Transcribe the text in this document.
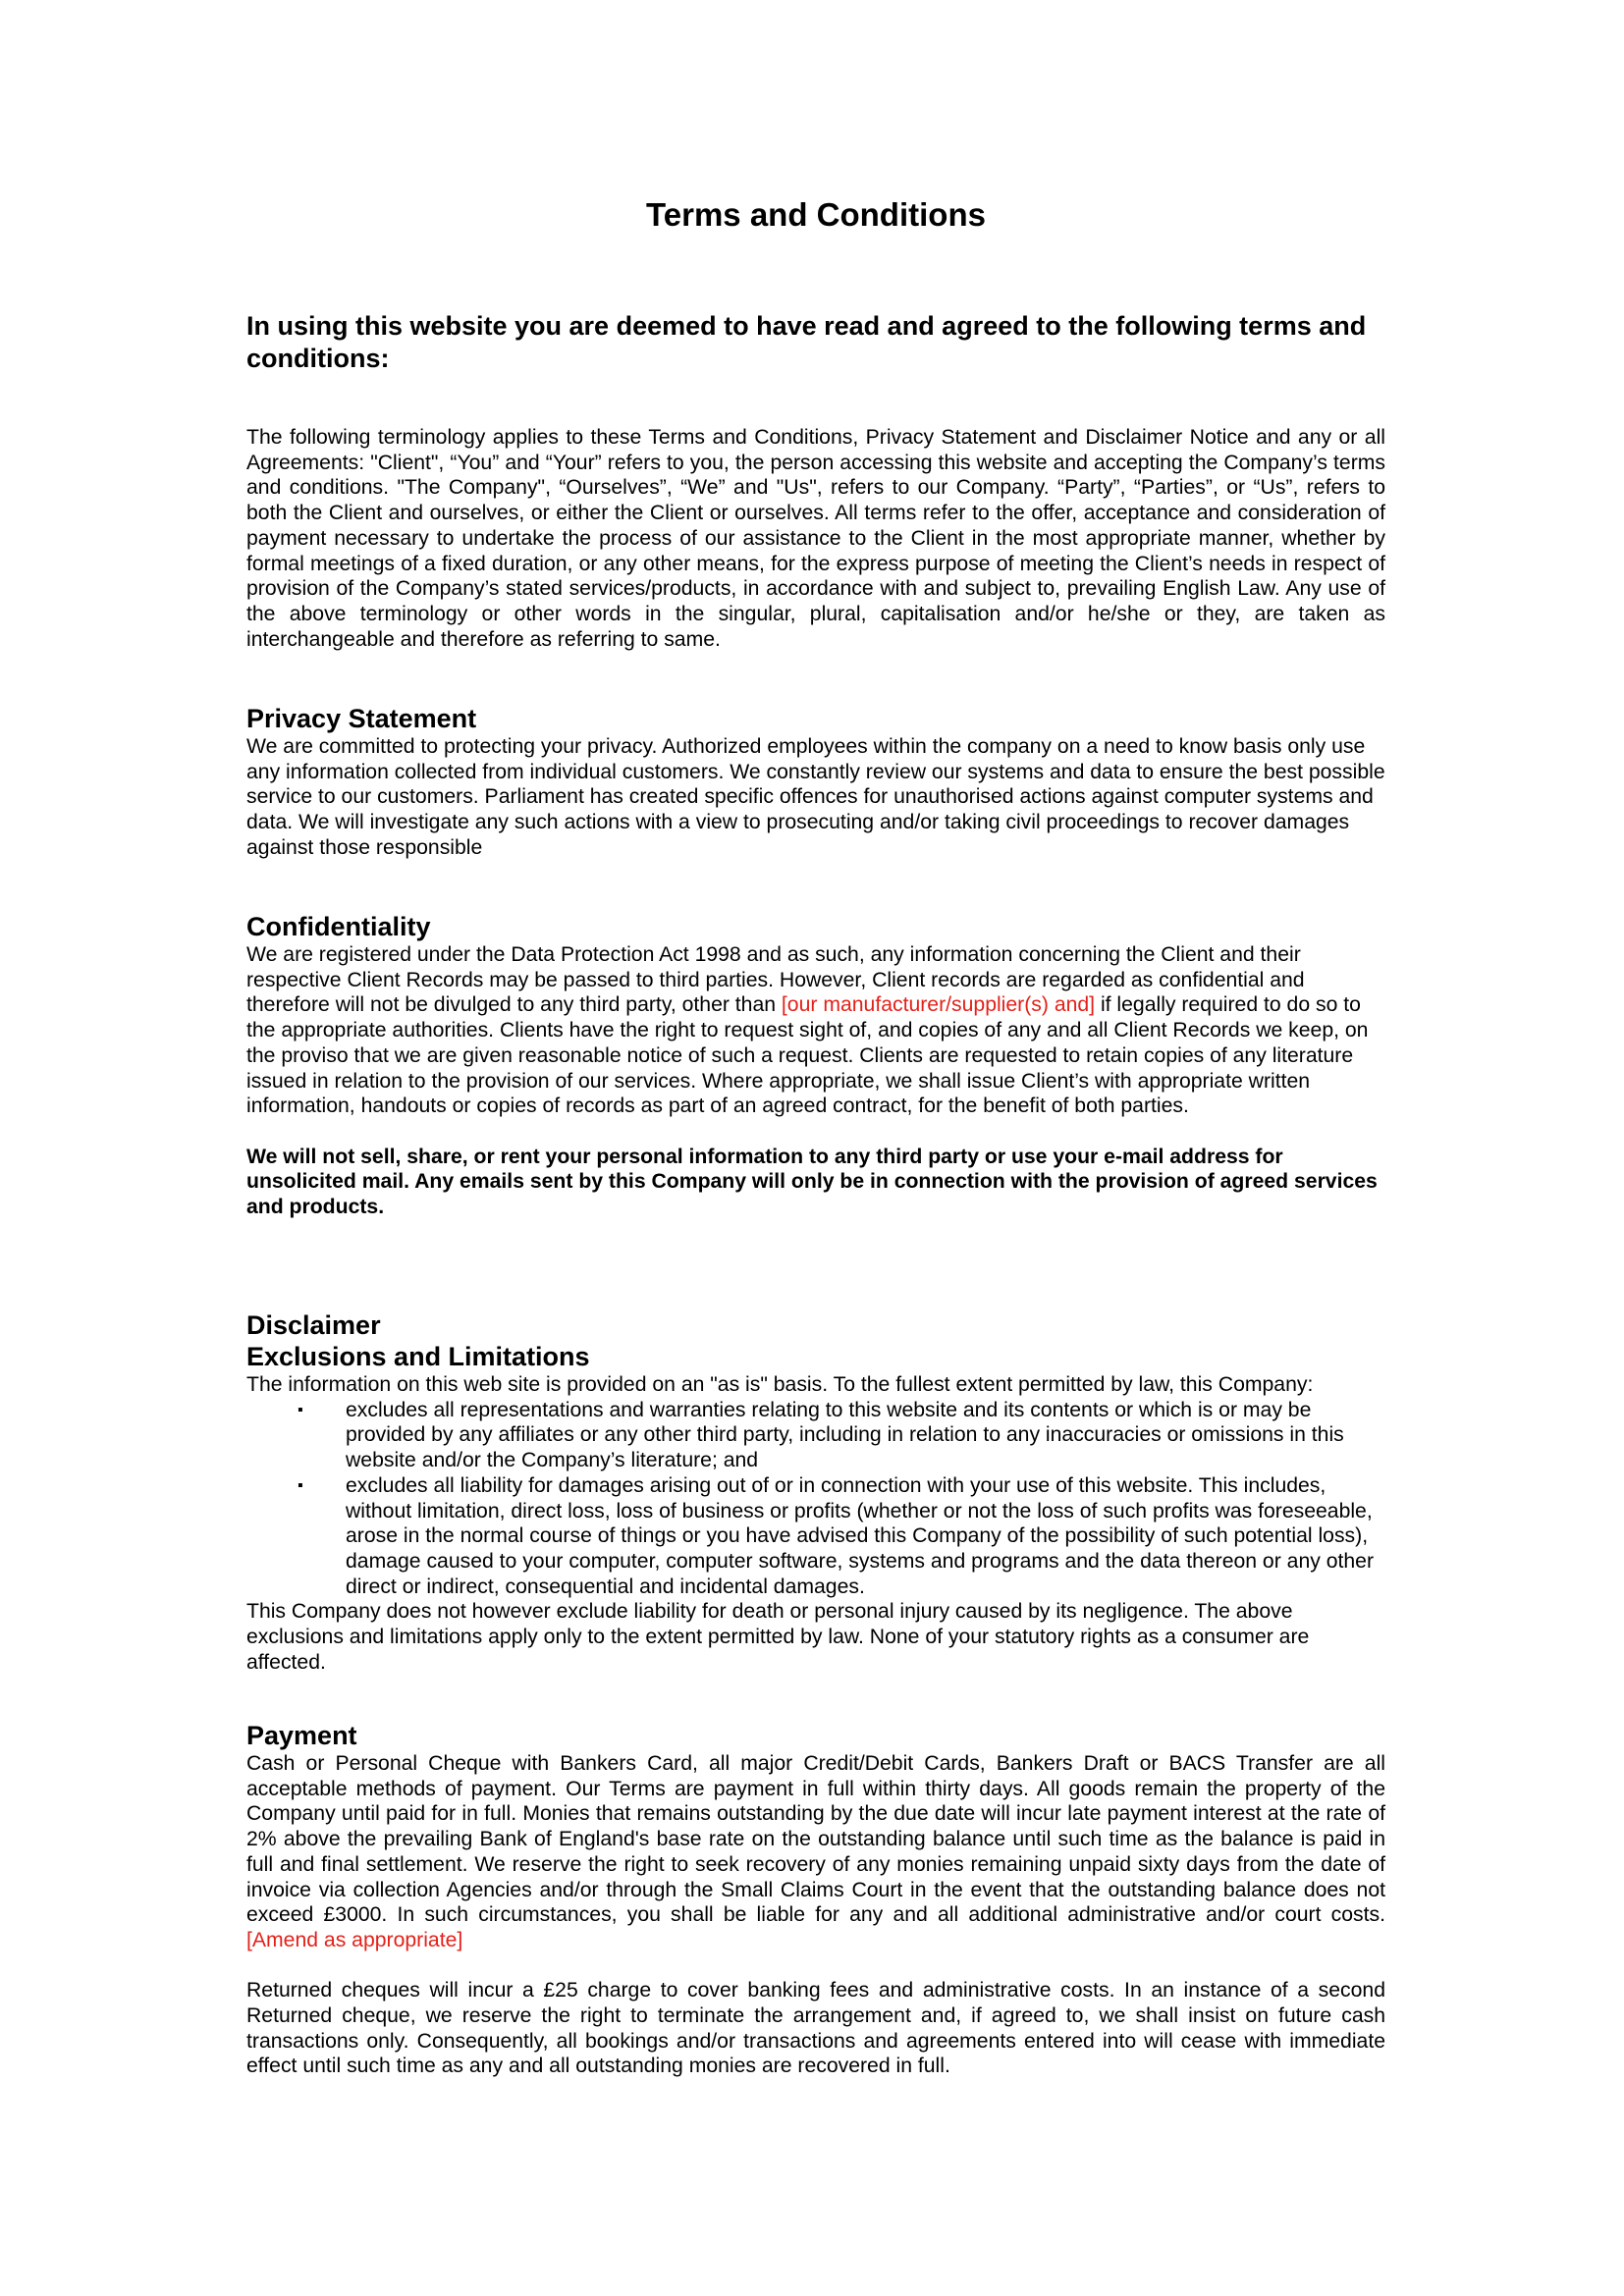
Terms and Conditions
In using this website you are deemed to have read and agreed to the following terms and conditions:

The following terminology applies to these Terms and Conditions, Privacy Statement and Disclaimer Notice and any or all Agreements: "Client", “You” and “Your” refers to you, the person accessing this website and accepting the Company’s terms and conditions. "The Company", “Ourselves”, “We” and "Us", refers to our Company. “Party”, “Parties”, or “Us”, refers to both the Client and ourselves, or either the Client or ourselves. All terms refer to the offer, acceptance and consideration of payment necessary to undertake the process of our assistance to the Client in the most appropriate manner, whether by formal meetings of a fixed duration, or any other means, for the express purpose of meeting the Client’s needs in respect of provision of the Company’s stated services/products, in accordance with and subject to, prevailing English Law. Any use of the above terminology or other words in the singular, plural, capitalisation and/or he/she or they, are taken as interchangeable and therefore as referring to same.

Privacy Statement

We are committed to protecting your privacy. Authorized employees within the company on a need to know basis only use any information collected from individual customers. We constantly review our systems and data to ensure the best possible service to our customers. Parliament has created specific offences for unauthorised actions against computer systems and data. We will investigate any such actions with a view to prosecuting and/or taking civil proceedings to recover damages against those responsible

Confidentiality

We are registered under the Data Protection Act 1998 and as such, any information concerning the Client and their respective Client Records may be passed to third parties. However, Client records are regarded as confidential and therefore will not be divulged to any third party, other than [our manufacturer/supplier(s) and] if legally required to do so to the appropriate authorities. Clients have the right to request sight of, and copies of any and all Client Records we keep, on the proviso that we are given reasonable notice of such a request. Clients are requested to retain copies of any literature issued in relation to the provision of our services. Where appropriate, we shall issue Client’s with appropriate written information, handouts or copies of records as part of an agreed contract, for the benefit of both parties.

We will not sell, share, or rent your personal information to any third party or use your e-mail address for unsolicited mail. Any emails sent by this Company will only be in connection with the provision of agreed services and products.

Disclaimer
Exclusions and Limitations

The information on this web site is provided on an "as is" basis. To the fullest extent permitted by law, this Company:

▪ excludes all representations and warranties relating to this website and its contents or which is or may be provided by any affiliates or any other third party, including in relation to any inaccuracies or omissions in this website and/or the Company’s literature; and
▪ excludes all liability for damages arising out of or in connection with your use of this website. This includes, without limitation, direct loss, loss of business or profits (whether or not the loss of such profits was foreseeable, arose in the normal course of things or you have advised this Company of the possibility of such potential loss), damage caused to your computer, computer software, systems and programs and the data thereon or any other direct or indirect, consequential and incidental damages.

This Company does not however exclude liability for death or personal injury caused by its negligence. The above exclusions and limitations apply only to the extent permitted by law. None of your statutory rights as a consumer are affected.

Payment

Cash or Personal Cheque with Bankers Card, all major Credit/Debit Cards, Bankers Draft or BACS Transfer are all acceptable methods of payment. Our Terms are payment in full within thirty days. All goods remain the property of the Company until paid for in full. Monies that remains outstanding by the due date will incur late payment interest at the rate of 2% above the prevailing Bank of England's base rate on the outstanding balance until such time as the balance is paid in full and final settlement. We reserve the right to seek recovery of any monies remaining unpaid sixty days from the date of invoice via collection Agencies and/or through the Small Claims Court in the event that the outstanding balance does not exceed £3000. In such circumstances, you shall be liable for any and all additional administrative and/or court costs. [Amend as appropriate]

Returned cheques will incur a £25 charge to cover banking fees and administrative costs. In an instance of a second Returned cheque, we reserve the right to terminate the arrangement and, if agreed to, we shall insist on future cash transactions only. Consequently, all bookings and/or transactions and agreements entered into will cease with immediate effect until such time as any and all outstanding monies are recovered in full.
